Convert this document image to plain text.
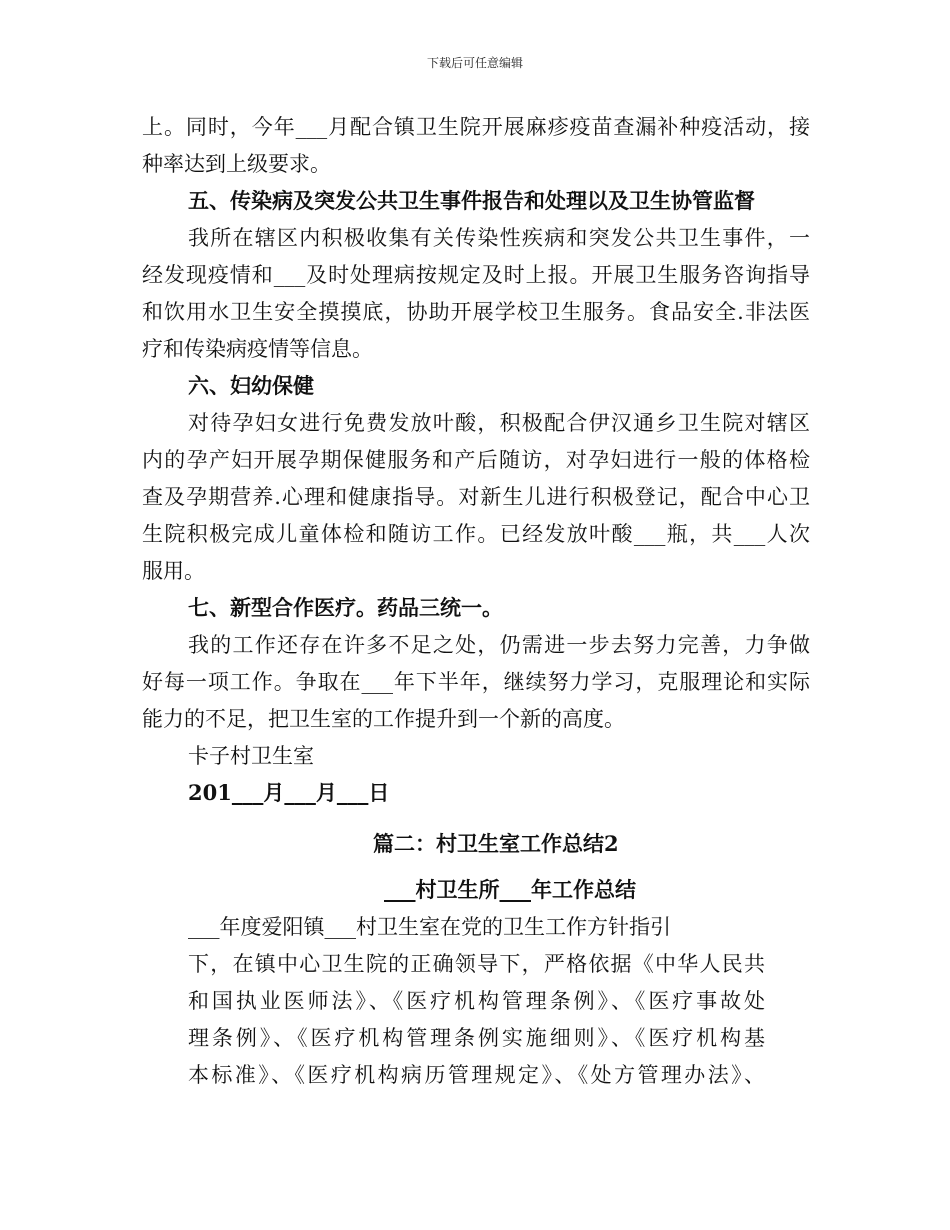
下载后可任意编辑
上。同时，今年___月配合镇卫生院开展麻疹疫苗查漏补种疫活动，接
种率达到上级要求。
五、传染病及突发公共卫生事件报告和处理以及卫生协管监督
我所在辖区内积极收集有关传染性疾病和突发公共卫生事件，一
经发现疫情和___及时处理病按规定及时上报。开展卫生服务咨询指导
和饮用水卫生安全摸摸底，协助开展学校卫生服务。食品安全.非法医
疗和传染病疫情等信息。
六、妇幼保健
对待孕妇女进行免费发放叶酸，积极配合伊汉通乡卫生院对辖区
内的孕产妇开展孕期保健服务和产后随访，对孕妇进行一般的体格检
查及孕期营养.心理和健康指导。对新生儿进行积极登记，配合中心卫
生院积极完成儿童体检和随访工作。已经发放叶酸___瓶，共___人次
服用。
七、新型合作医疗。药品三统一。
我的工作还存在许多不足之处，仍需进一步去努力完善，力争做
好每一项工作。争取在___年下半年，继续努力学习，克服理论和实际
能力的不足，把卫生室的工作提升到一个新的高度。
卡子村卫生室
201___月___月___日
篇二：村卫生室工作总结2
___村卫生所___年工作总结
___年度爱阳镇___村卫生室在党的卫生工作方针指引
下，在镇中心卫生院的正确领导下，严格依据《中华人民共
和国执业医师法》、《医疗机构管理条例》、《医疗事故处
理条例》、《医疗机构管理条例实施细则》、《医疗机构基
本标准》、《医疗机构病历管理规定》、《处方管理办法》、
